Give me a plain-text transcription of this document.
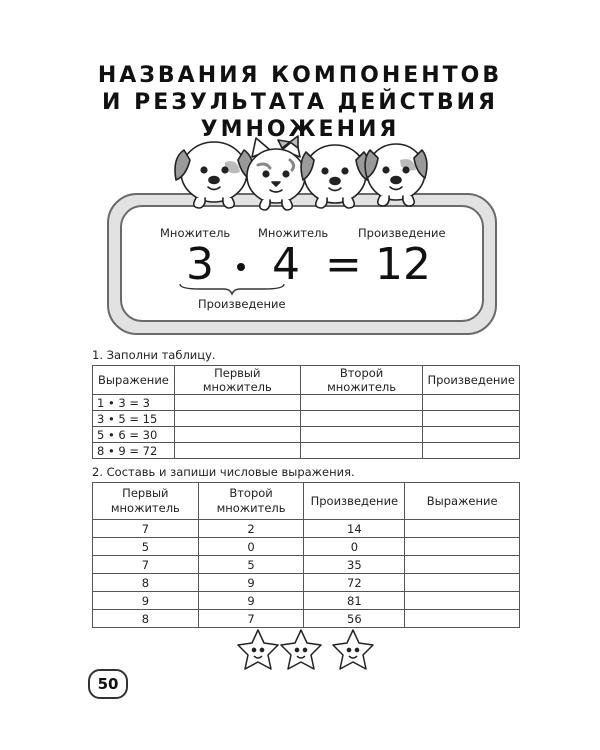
НАЗВАНИЯ КОМПОНЕНТОВ
И РЕЗУЛЬТАТА ДЕЙСТВИЯ
УМНОЖЕНИЯ
Множитель Множитель	Произведение
3 4 = 12
Произведение
1. Заполни таблицу.
Выражение	Первый множитель	Второй множитель	Произведение
1 • 3 = 3			
3 • 5 = 15			
5 • 6 = 30			
8 • 9 = 72			
2. Составь и запиши числовые выражения.
Первый множитель	Второй множитель	Произведение	Выражение
7	2	14	
5	0	0	
7	5	35	
8	9	72	
9	9	81	
8	7	56	
50
